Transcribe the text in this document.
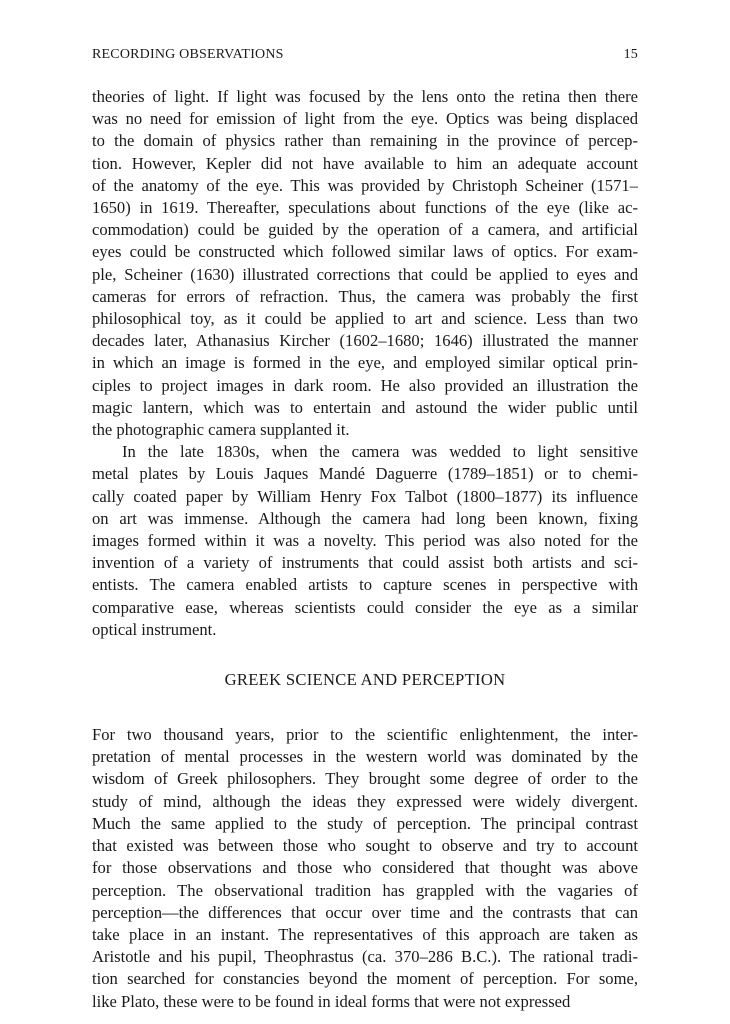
RECORDING OBSERVATIONS	15

theories of light. If light was focused by the lens onto the retina then there
was no need for emission of light from the eye. Optics was being displaced
to the domain of physics rather than remaining in the province of percep-
tion. However, Kepler did not have available to him an adequate account
of the anatomy of the eye. This was provided by Christoph Scheiner (1571–
1650) in 1619. Thereafter, speculations about functions of the eye (like ac-
commodation) could be guided by the operation of a camera, and artificial
eyes could be constructed which followed similar laws of optics. For exam-
ple, Scheiner (1630) illustrated corrections that could be applied to eyes and
cameras for errors of refraction. Thus, the camera was probably the first
philosophical toy, as it could be applied to art and science. Less than two
decades later, Athanasius Kircher (1602–1680; 1646) illustrated the manner
in which an image is formed in the eye, and employed similar optical prin-
ciples to project images in dark room. He also provided an illustration the
magic lantern, which was to entertain and astound the wider public until
the photographic camera supplanted it.

In the late 1830s, when the camera was wedded to light sensitive
metal plates by Louis Jaques Mandé Daguerre (1789–1851) or to chemi-
cally coated paper by William Henry Fox Talbot (1800–1877) its influence
on art was immense. Although the camera had long been known, fixing
images formed within it was a novelty. This period was also noted for the
invention of a variety of instruments that could assist both artists and sci-
entists. The camera enabled artists to capture scenes in perspective with
comparative ease, whereas scientists could consider the eye as a similar
optical instrument.

GREEK SCIENCE AND PERCEPTION

For two thousand years, prior to the scientific enlightenment, the inter-
pretation of mental processes in the western world was dominated by the
wisdom of Greek philosophers. They brought some degree of order to the
study of mind, although the ideas they expressed were widely divergent.
Much the same applied to the study of perception. The principal contrast
that existed was between those who sought to observe and try to account
for those observations and those who considered that thought was above
perception. The observational tradition has grappled with the vagaries of
perception—the differences that occur over time and the contrasts that can
take place in an instant. The representatives of this approach are taken as
Aristotle and his pupil, Theophrastus (ca. 370–286 B.C.). The rational tradi-
tion searched for constancies beyond the moment of perception. For some,
like Plato, these were to be found in ideal forms that were not expressed
